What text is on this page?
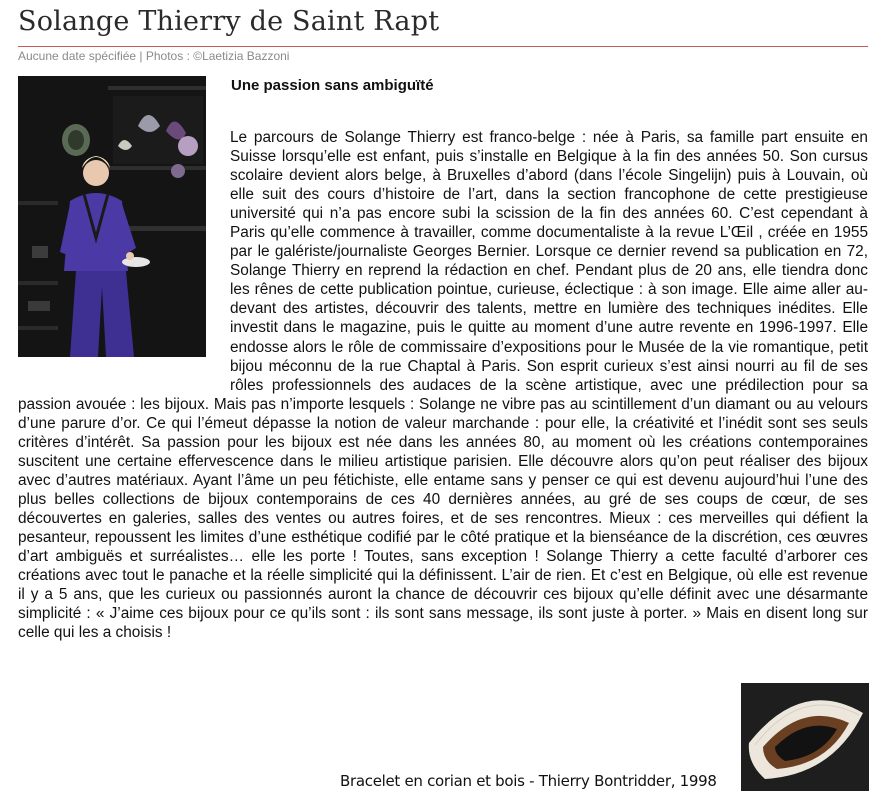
Solange Thierry de Saint Rapt
Aucune date spécifiée | Photos : ©Laetizia Bazzoni
Une passion sans ambiguïté

Le parcours de Solange Thierry est franco-belge : née à Paris, sa famille part ensuite en Suisse lorsqu’elle est enfant, puis s’installe en Belgique à la fin des années 50. Son cursus scolaire devient alors belge, à Bruxelles d’abord (dans l’école Singelijn) puis à Louvain, où elle suit des cours d’histoire de l’art, dans la section francophone de cette prestigieuse université qui n’a pas encore subi la scission de la fin des années 60. C’est cependant à Paris qu’elle commence à travailler, comme documentaliste à la revue L’Œil , créée en 1955 par le galériste/journaliste Georges Bernier. Lorsque ce dernier revend sa publication en 72, Solange Thierry en reprend la rédaction en chef. Pendant plus de 20 ans, elle tiendra donc les rênes de cette publication pointue, curieuse, éclectique : à son image. Elle aime aller au-devant des artistes, découvrir des talents, mettre en lumière des techniques inédites. Elle investit dans le magazine, puis le quitte au moment d’une autre revente en 1996-1997. Elle endosse alors le rôle de commissaire d’expositions pour le Musée de la vie romantique, petit bijou méconnu de la rue Chaptal à Paris. Son esprit curieux s’est ainsi nourri au fil de ses rôles professionnels des audaces de la scène artistique, avec une prédilection pour sa passion avouée : les bijoux. Mais pas n’importe lesquels : Solange ne vibre pas au scintillement d’un diamant ou au velours d’une parure d’or. Ce qui l’émeut dépasse la notion de valeur marchande : pour elle, la créativité et l’inédit sont ses seuls critères d’intérêt. Sa passion pour les bijoux est née dans les années 80, au moment où les créations contemporaines suscitent une certaine effervescence dans le milieu artistique parisien. Elle découvre alors qu’on peut réaliser des bijoux avec d’autres matériaux. Ayant l’âme un peu fétichiste, elle entame sans y penser ce qui est devenu aujourd’hui l’une des plus belles collections de bijoux contemporains de ces 40 dernières années, au gré de ses coups de cœur, de ses découvertes en galeries, salles des ventes ou autres foires, et de ses rencontres. Mieux : ces merveilles qui défient la pesanteur, repoussent les limites d’une esthétique codifié par le côté pratique et la bienséance de la discrétion, ces œuvres d’art ambiguës et surréalistes… elle les porte ! Toutes, sans exception ! Solange Thierry a cette faculté d’arborer ces créations avec tout le panache et la réelle simplicité qui la définissent. L’air de rien. Et c’est en Belgique, où elle est revenue il y a 5 ans, que les curieux ou passionnés auront la chance de découvrir ces bijoux qu’elle définit avec une désarmante simplicité : « J’aime ces bijoux pour ce qu’ils sont : ils sont sans message, ils sont juste à porter. » Mais en disent long sur celle qui les a choisis !

Bracelet en corian et bois - Thierry Bontridder, 1998
